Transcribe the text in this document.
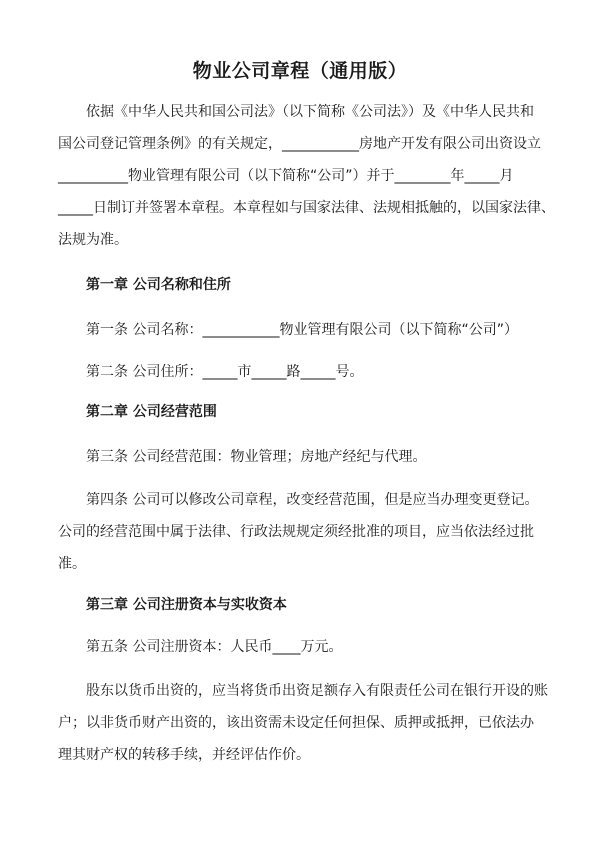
物业公司章程（通用版）
依据《中华人民共和国公司法》（以下简称《公司法》）及《中华人民共和
国公司登记管理条例》的有关规定，___________房地产开发有限公司出资设立
__________物业管理有限公司（以下简称“公司”）并于________年_____月
_____日制订并签署本章程。本章程如与国家法律、法规相抵触的，以国家法律、
法规为准。
第一章 公司名称和住所
第一条 公司名称：___________物业管理有限公司（以下简称“公司”）
第二条 公司住所：_____市_____路_____号。
第二章 公司经营范围
第三条 公司经营范围：物业管理；房地产经纪与代理。
第四条 公司可以修改公司章程，改变经营范围，但是应当办理变更登记。
公司的经营范围中属于法律、行政法规规定须经批准的项目，应当依法经过批
准。
第三章 公司注册资本与实收资本
第五条 公司注册资本：人民币____万元。
股东以货币出资的，应当将货币出资足额存入有限责任公司在银行开设的账
户；以非货币财产出资的，该出资需未设定任何担保、质押或抵押，已依法办
理其财产权的转移手续，并经评估作价。
